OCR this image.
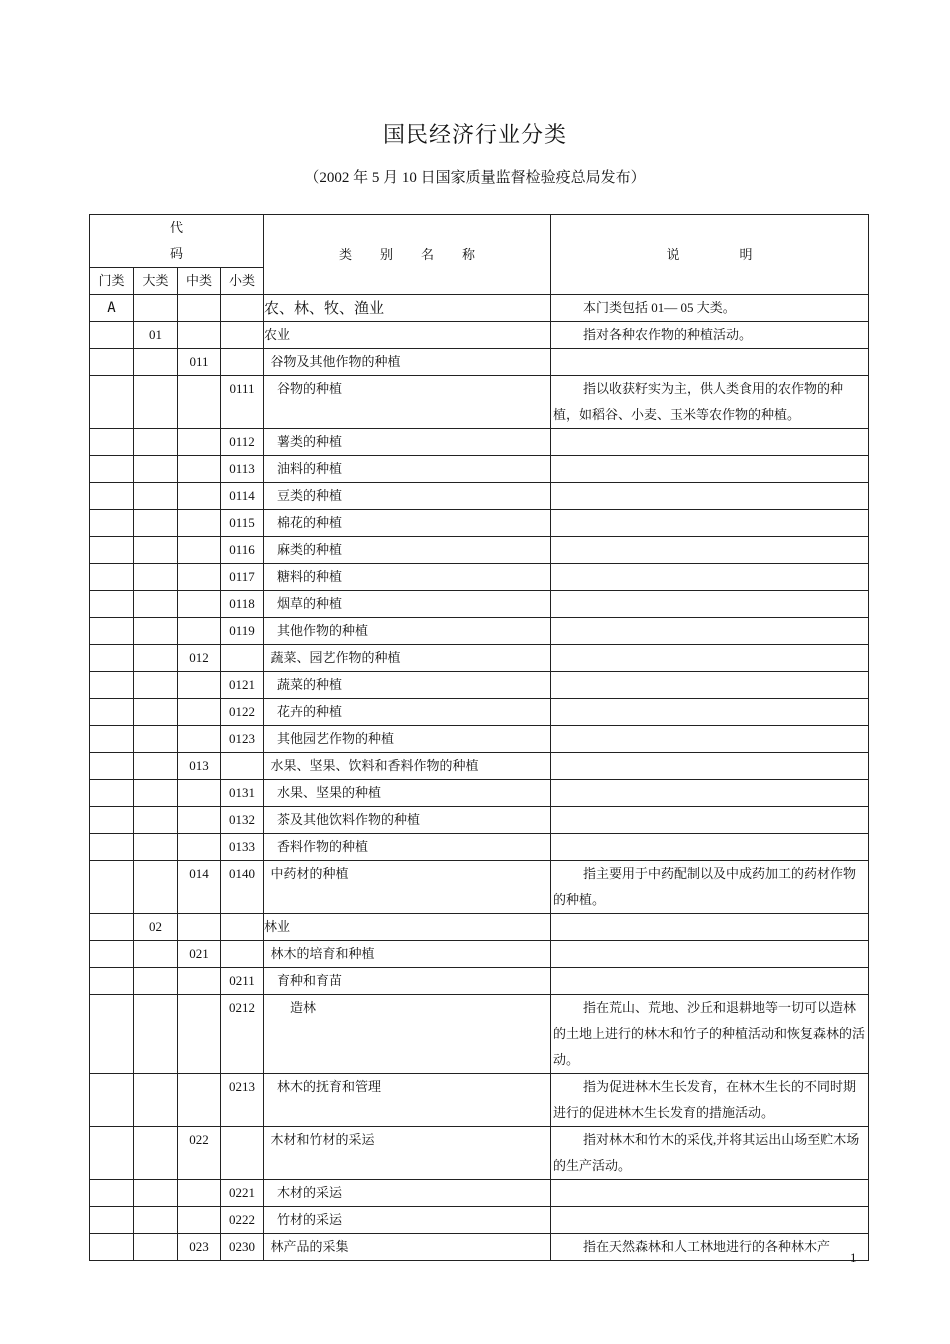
国民经济行业分类
（2002 年 5 月 10 日国家质量监督检验疫总局发布）
代码				类别名称	说明
门类	大类	中类	小类		
A				农、林、牧、渔业	本门类包括 01— 05 大类。
	01			农业	指对各种农作物的种植活动。
		011		谷物及其他作物的种植	
			0111	谷物的种植	指以收获籽实为主，供人类食用的农作物的种植，如稻谷、小麦、玉米等农作物的种植。
			0112	薯类的种植	
			0113	油料的种植	
			0114	豆类的种植	
			0115	棉花的种植	
			0116	麻类的种植	
			0117	糖料的种植	
			0118	烟草的种植	
			0119	其他作物的种植	
		012		蔬菜、园艺作物的种植	
			0121	蔬菜的种植	
			0122	花卉的种植	
			0123	其他园艺作物的种植	
		013		水果、坚果、饮料和香料作物的种植	
			0131	水果、坚果的种植	
			0132	茶及其他饮料作物的种植	
			0133	香料作物的种植	
		014	0140	中药材的种植	指主要用于中药配制以及中成药加工的药材作物的种植。
	02			林业	
		021		林木的培育和种植	
			0211	育种和育苗	
			0212	造林	指在荒山、荒地、沙丘和退耕地等一切可以造林的土地上进行的林木和竹子的种植活动和恢复森林的活动。
			0213	林木的抚育和管理	指为促进林木生长发育，在林木生长的不同时期进行的促进林木生长发育的措施活动。
		022		木材和竹材的采运	指对林木和竹木的采伐,并将其运出山场至贮木场的生产活动。
			0221	木材的采运	
			0222	竹材的采运	
		023	0230	林产品的采集	指在天然森林和人工林地进行的各种林木产
1
